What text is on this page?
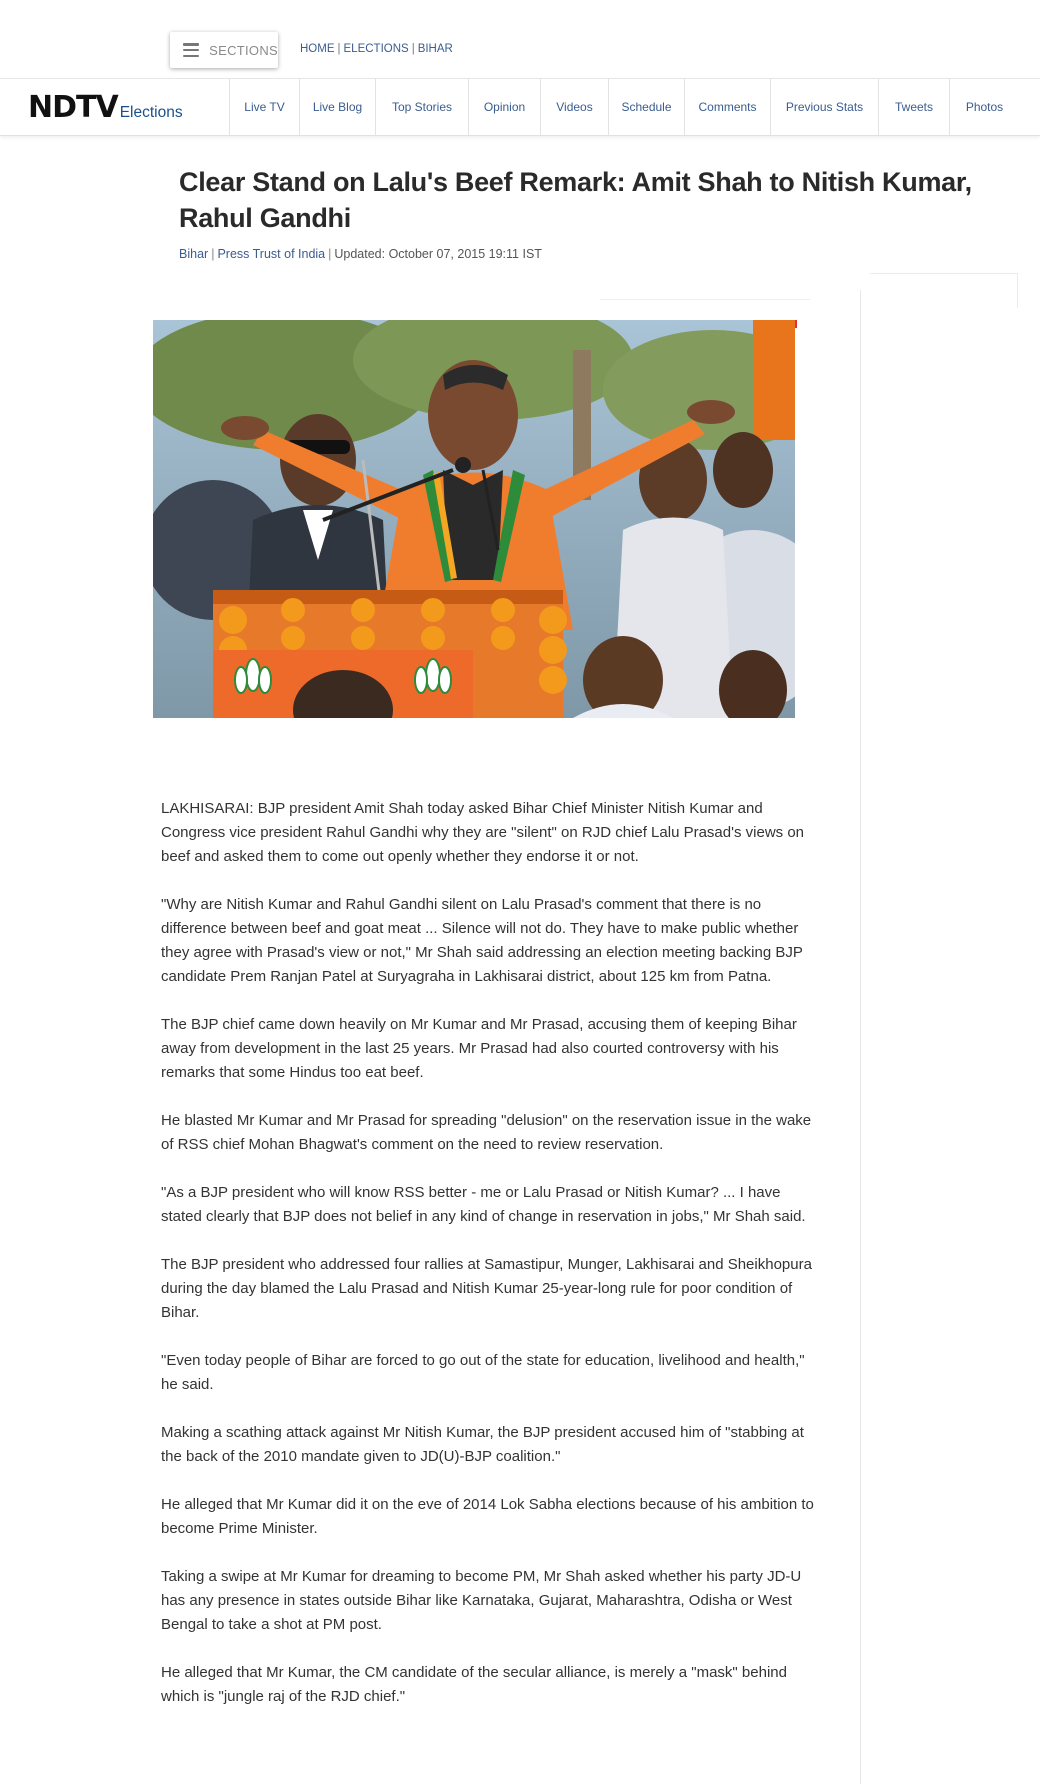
SECTIONS HOME | ELECTIONS | BIHAR
NDTV Elections	Live TV	Live Blog	Top Stories	Opinion	Videos	Schedule	Comments	Previous Stats	Tweets	Photos
Clear Stand on Lalu's Beef Remark: Amit Shah to Nitish Kumar, Rahul Gandhi
Bihar | Press Trust of India | Updated: October 07, 2015 19:11 IST

LAKHISARAI: BJP president Amit Shah today asked Bihar Chief Minister Nitish Kumar and Congress vice president Rahul Gandhi why they are "silent" on RJD chief Lalu Prasad's views on beef and asked them to come out openly whether they endorse it or not.

"Why are Nitish Kumar and Rahul Gandhi silent on Lalu Prasad's comment that there is no difference between beef and goat meat ... Silence will not do. They have to make public whether they agree with Prasad's view or not," Mr Shah said addressing an election meeting backing BJP candidate Prem Ranjan Patel at Suryagraha in Lakhisarai district, about 125 km from Patna.

The BJP chief came down heavily on Mr Kumar and Mr Prasad, accusing them of keeping Bihar away from development in the last 25 years. Mr Prasad had also courted controversy with his remarks that some Hindus too eat beef.

He blasted Mr Kumar and Mr Prasad for spreading "delusion" on the reservation issue in the wake of RSS chief Mohan Bhagwat's comment on the need to review reservation.

"As a BJP president who will know RSS better - me or Lalu Prasad or Nitish Kumar? ... I have stated clearly that BJP does not belief in any kind of change in reservation in jobs," Mr Shah said.

The BJP president who addressed four rallies at Samastipur, Munger, Lakhisarai and Sheikhopura during the day blamed the Lalu Prasad and Nitish Kumar 25-year-long rule for poor condition of Bihar.

"Even today people of Bihar are forced to go out of the state for education, livelihood and health," he said.

Making a scathing attack against Mr Nitish Kumar, the BJP president accused him of "stabbing at the back of the 2010 mandate given to JD(U)-BJP coalition."

He alleged that Mr Kumar did it on the eve of 2014 Lok Sabha elections because of his ambition to become Prime Minister.

Taking a swipe at Mr Kumar for dreaming to become PM, Mr Shah asked whether his party JD-U has any presence in states outside Bihar like Karnataka, Gujarat, Maharashtra, Odisha or West Bengal to take a shot at PM post.

He alleged that Mr Kumar, the CM candidate of the secular alliance, is merely a "mask" behind which is "jungle raj of the RJD chief."
